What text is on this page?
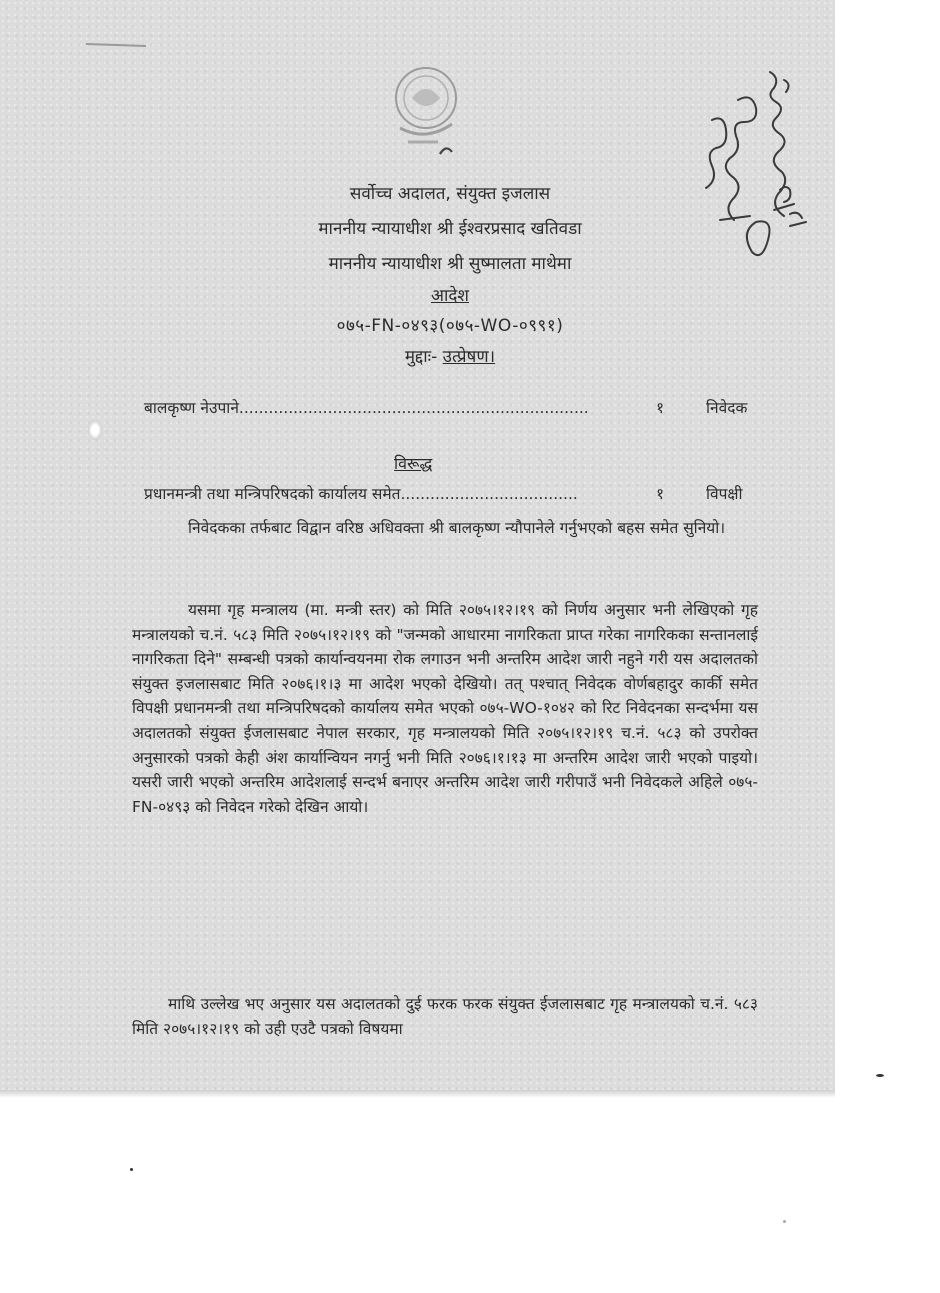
सर्वोच्च अदालत, संयुक्त इजलास
माननीय न्यायाधीश श्री ईश्वरप्रसाद खतिवडा
माननीय न्यायाधीश श्री सुष्मालता माथेमा
आदेश
०७५-FN-०४९३(०७५-WO-०९९१)
मुद्दाः- उत्प्रेषण।
बालकृष्ण नेउपाने.......................................................................	१	निवेदक
विरूद्ध
प्रधानमन्त्री तथा मन्त्रिपरिषदको कार्यालय समेत....................................	१	विपक्षी

निवेदकका तर्फबाट विद्वान वरिष्ठ अधिवक्ता श्री बालकृष्ण न्यौपानेले गर्नुभएको बहस समेत सुनियो।

यसमा गृह मन्त्रालय (मा. मन्त्री स्तर) को मिति २०७५।१२।१९ को निर्णय अनुसार भनी लेखिएको गृह मन्त्रालयको च.नं. ५८३ मिति २०७५।१२।१९ को "जन्मको आधारमा नागरिकता प्राप्त गरेका नागरिकका सन्तानलाई नागरिकता दिने" सम्बन्धी पत्रको कार्यान्वयनमा रोक लगाउन भनी अन्तरिम आदेश जारी नहुने गरी यस अदालतको संयुक्त इजलासबाट मिति २०७६।१।३ मा आदेश भएको देखियो। तत् पश्चात् निवेदक वोर्णबहादुर कार्की समेत विपक्षी प्रधानमन्त्री तथा मन्त्रिपरिषदको कार्यालय समेत भएको ०७५-WO-१०४२ को रिट निवेदनका सन्दर्भमा यस अदालतको संयुक्त ईजलासबाट नेपाल सरकार, गृह मन्त्रालयको मिति २०७५।१२।१९ च.नं. ५८३ को उपरोक्त अनुसारको पत्रको केही अंश कार्यान्वियन नगर्नु भनी मिति २०७६।१।१३ मा अन्तरिम आदेश जारी भएको पाइयो। यसरी जारी भएको अन्तरिम आदेशलाई सन्दर्भ बनाएर अन्तरिम आदेश जारी गरीपाउँ भनी निवेदकले अहिले ०७५-FN-०४९३ को निवेदन गरेको देखिन आयो।

माथि उल्लेख भए अनुसार यस अदालतको दुई फरक फरक संयुक्त ईजलासबाट गृह मन्त्रालयको च.नं. ५८३ मिति २०७५।१२।१९ को उही एउटै पत्रको विषयमा
